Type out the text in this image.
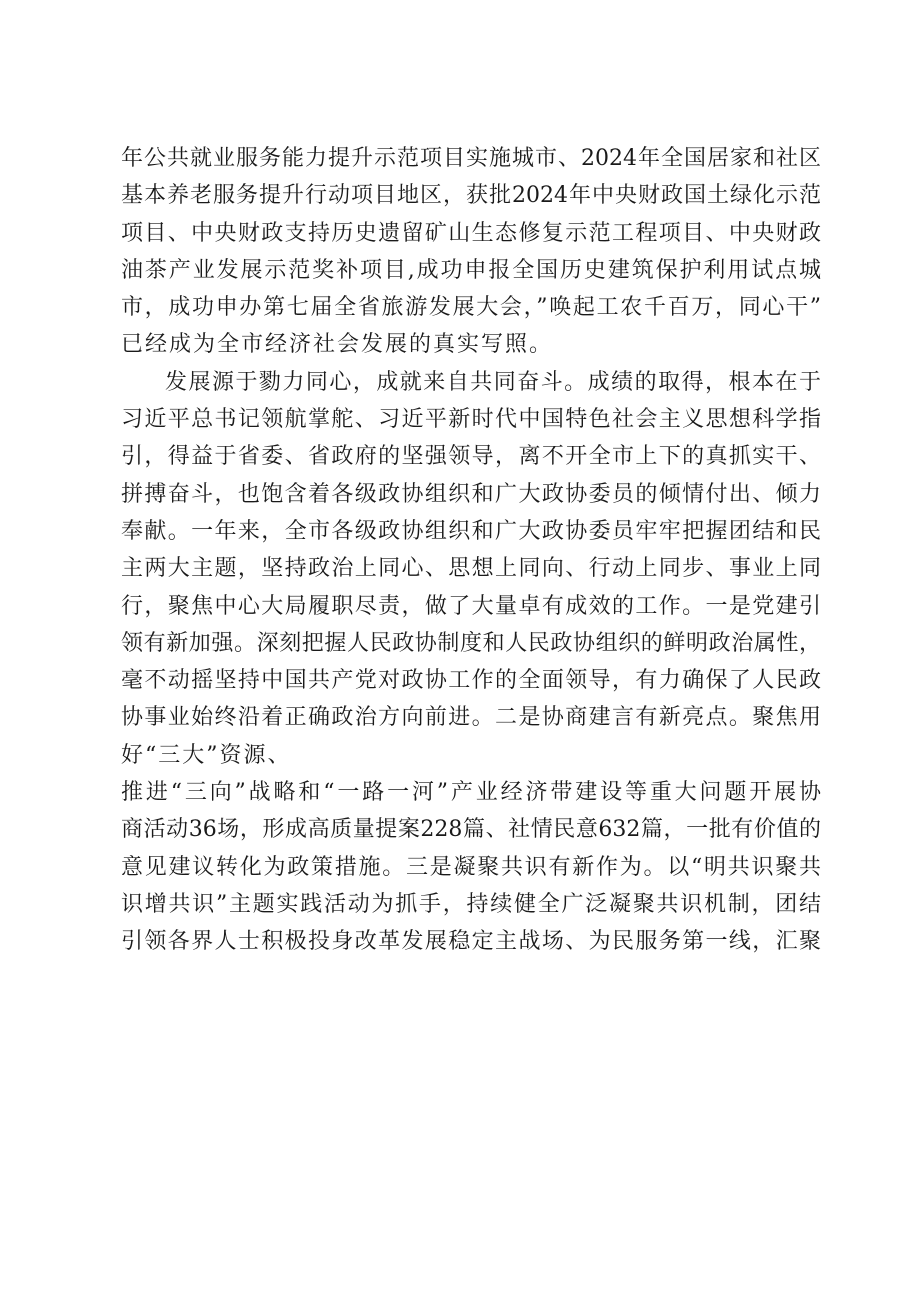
年公共就业服务能力提升示范项目实施城市、2024年全国居家和社区
基本养老服务提升行动项目地区，获批2024年中央财政国土绿化示范
项目、中央财政支持历史遗留矿山生态修复示范工程项目、中央财政
油茶产业发展示范奖补项目,成功申报全国历史建筑保护利用试点城
市，成功申办第七届全省旅游发展大会，”唤起工农千百万，同心干”
已经成为全市经济社会发展的真实写照。
发展源于勠力同心，成就来自共同奋斗。成绩的取得，根本在于
习近平总书记领航掌舵、习近平新时代中国特色社会主义思想科学指
引，得益于省委、省政府的坚强领导，离不开全市上下的真抓实干、
拼搏奋斗，也饱含着各级政协组织和广大政协委员的倾情付出、倾力
奉献。一年来，全市各级政协组织和广大政协委员牢牢把握团结和民
主两大主题，坚持政治上同心、思想上同向、行动上同步、事业上同
行，聚焦中心大局履职尽责，做了大量卓有成效的工作。一是党建引
领有新加强。深刻把握人民政协制度和人民政协组织的鲜明政治属性，
毫不动摇坚持中国共产党对政协工作的全面领导，有力确保了人民政
协事业始终沿着正确政治方向前进。二是协商建言有新亮点。聚焦用
好“三大”资源、
推进“三向”战略和“一路一河”产业经济带建设等重大问题开展协
商活动36场，形成高质量提案228篇、社情民意632篇，一批有价值的
意见建议转化为政策措施。三是凝聚共识有新作为。以“明共识聚共
识增共识”主题实践活动为抓手，持续健全广泛凝聚共识机制，团结
引领各界人士积极投身改革发展稳定主战场、为民服务第一线，汇聚
